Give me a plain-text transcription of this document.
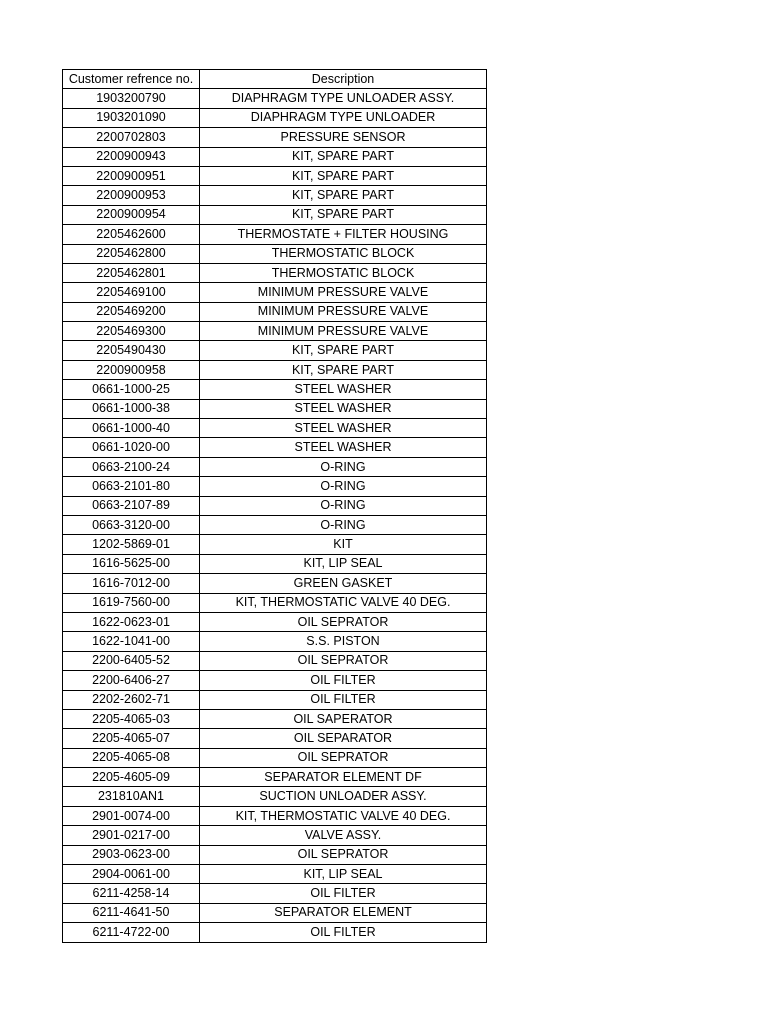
Customer refrence no.	Description
1903200790	DIAPHRAGM TYPE UNLOADER ASSY.
1903201090	DIAPHRAGM TYPE UNLOADER
2200702803	PRESSURE SENSOR
2200900943	KIT, SPARE PART
2200900951	KIT, SPARE PART
2200900953	KIT, SPARE PART
2200900954	KIT, SPARE PART
2205462600	THERMOSTATE + FILTER HOUSING
2205462800	THERMOSTATIC BLOCK
2205462801	THERMOSTATIC BLOCK
2205469100	MINIMUM PRESSURE VALVE
2205469200	MINIMUM PRESSURE VALVE
2205469300	MINIMUM PRESSURE VALVE
2205490430	KIT, SPARE PART
2200900958	KIT, SPARE PART
0661-1000-25	STEEL WASHER
0661-1000-38	STEEL WASHER
0661-1000-40	STEEL WASHER
0661-1020-00	STEEL WASHER
0663-2100-24	O-RING
0663-2101-80	O-RING
0663-2107-89	O-RING
0663-3120-00	O-RING
1202-5869-01	KIT
1616-5625-00	KIT, LIP SEAL
1616-7012-00	GREEN GASKET
1619-7560-00	KIT, THERMOSTATIC VALVE 40 DEG.
1622-0623-01	OIL SEPRATOR
1622-1041-00	S.S. PISTON
2200-6405-52	OIL SEPRATOR
2200-6406-27	OIL FILTER
2202-2602-71	OIL FILTER
2205-4065-03	OIL SAPERATOR
2205-4065-07	OIL SEPARATOR
2205-4065-08	OIL SEPRATOR
2205-4605-09	SEPARATOR ELEMENT DF
231810AN1	SUCTION UNLOADER ASSY.
2901-0074-00	KIT, THERMOSTATIC VALVE 40 DEG.
2901-0217-00	VALVE ASSY.
2903-0623-00	OIL SEPRATOR
2904-0061-00	KIT, LIP SEAL
6211-4258-14	OIL FILTER
6211-4641-50	SEPARATOR ELEMENT
6211-4722-00	OIL FILTER
